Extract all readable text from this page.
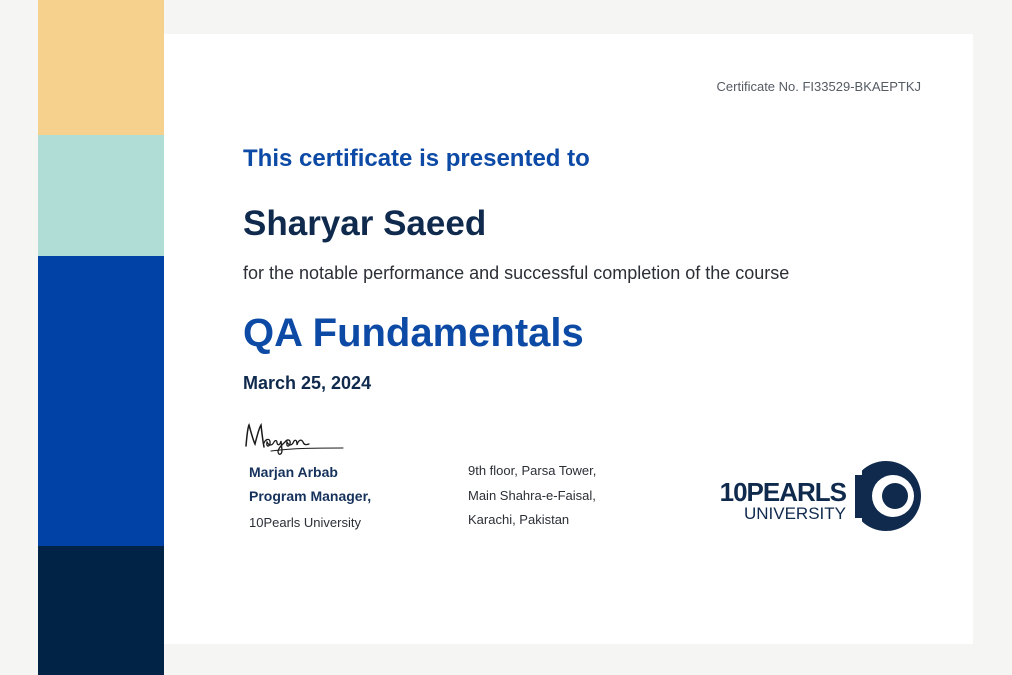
Certificate No. FI33529-BKAEPTKJ
This certificate is presented to
Sharyar Saeed
for the notable performance and successful completion of the course
QA Fundamentals
March 25, 2024
Marjan Arbab
Program Manager,
10Pearls University
9th floor, Parsa Tower,
Main Shahra-e-Faisal,
Karachi, Pakistan
10PEARLS
UNIVERSITY
